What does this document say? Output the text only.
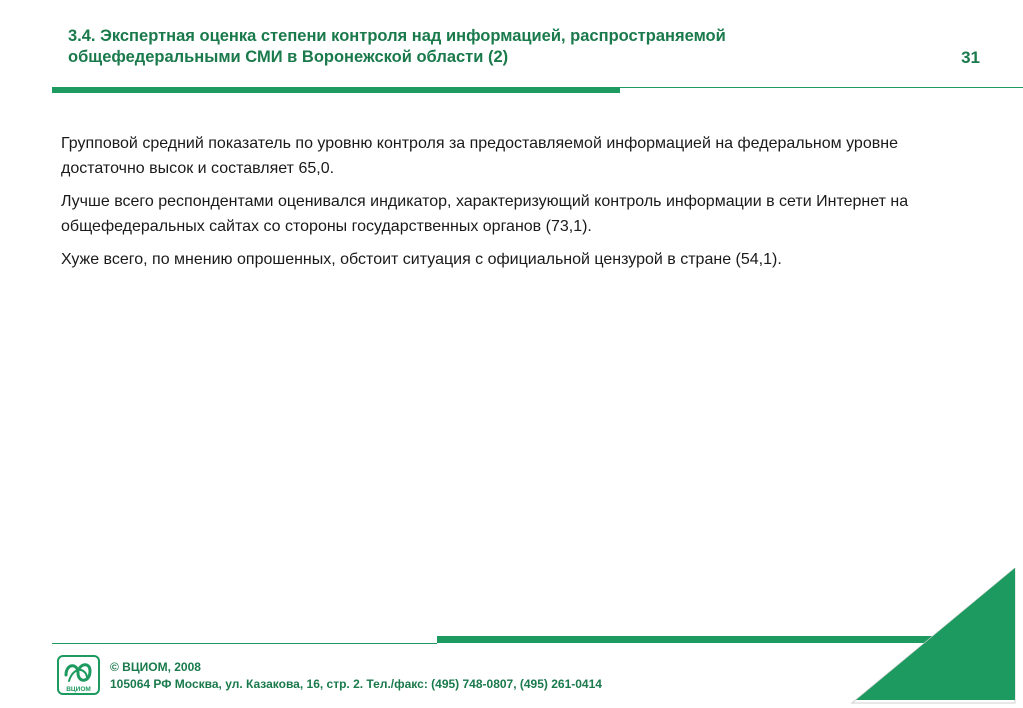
3.4. Экспертная оценка степени контроля над информацией, распространяемой
общефедеральными СМИ в Воронежской области (2)	31

Групповой средний показатель по уровню контроля за предоставляемой информацией на федеральном уровне достаточно высок и составляет 65,0.

Лучше всего респондентами оценивался индикатор, характеризующий контроль информации в сети Интернет на общефедеральных сайтах со стороны государственных органов (73,1).

Хуже всего, по мнению опрошенных, обстоит ситуация с официальной цензурой в стране (54,1).

ВЦИОМ
© ВЦИОМ, 2008
105064 РФ Москва, ул. Казакова, 16, стр. 2. Тел./факс: (495) 748-0807, (495) 261-0414
